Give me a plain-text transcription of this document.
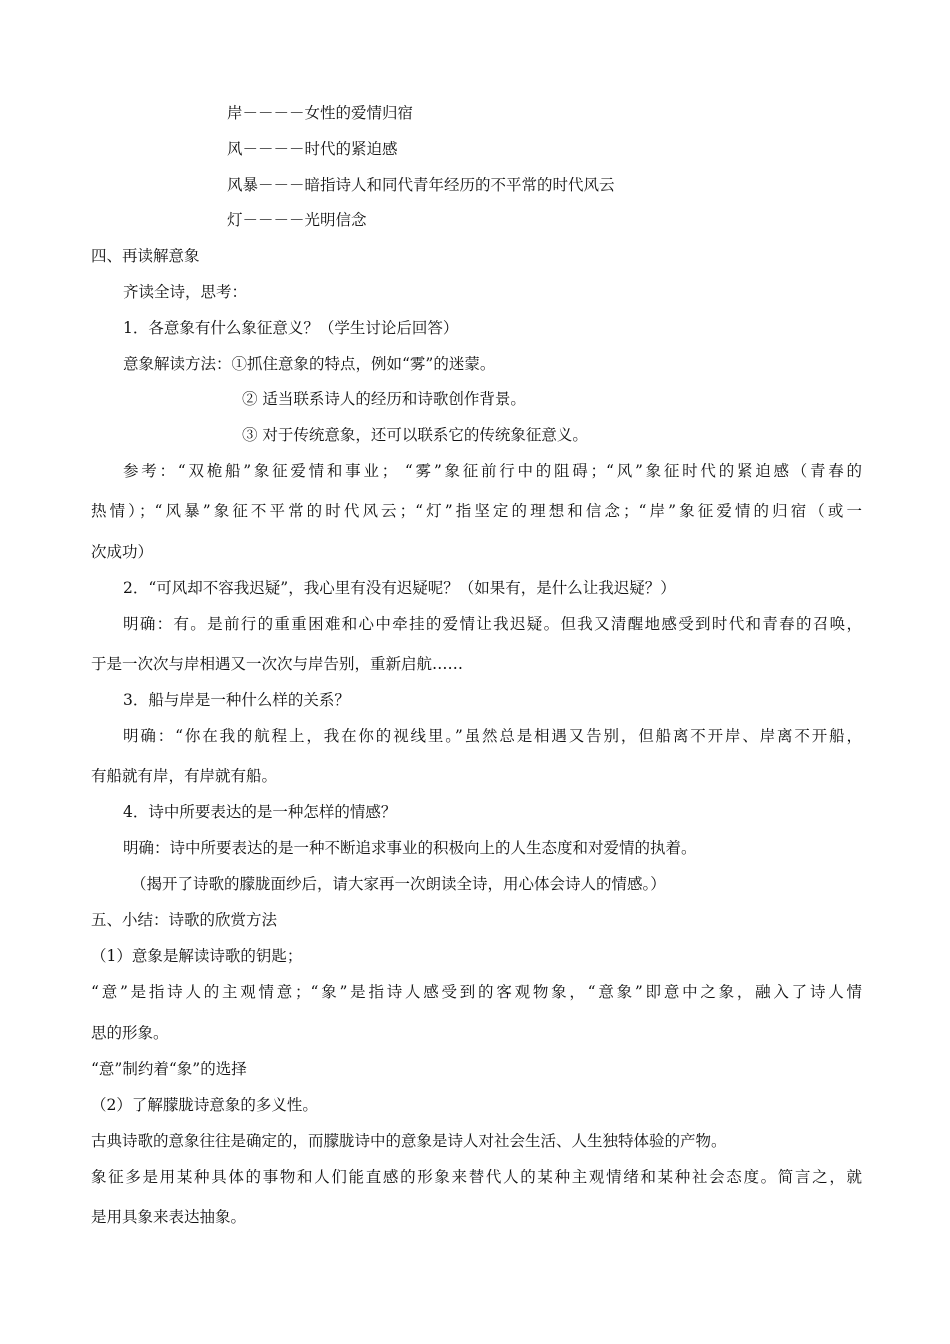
岸－－－－女性的爱情归宿
风－－－－时代的紧迫感
风暴－－－暗指诗人和同代青年经历的不平常的时代风云
灯－－－－光明信念
四、再读解意象
齐读全诗，思考：
1．各意象有什么象征意义？（学生讨论后回答）
意象解读方法：①抓住意象的特点，例如“雾”的迷蒙。
② 适当联系诗人的经历和诗歌创作背景。
③ 对于传统意象，还可以联系它的传统象征意义。
参考：“双桅船”象征爱情和事业； “雾”象征前行中的阻碍；“风”象征时代的紧迫感（青春的
热情）；“风暴”象征不平常的时代风云；“灯”指坚定的理想和信念；“岸”象征爱情的归宿（或一
次成功）
2．“可风却不容我迟疑”，我心里有没有迟疑呢？（如果有，是什么让我迟疑？）
明确：有。是前行的重重困难和心中牵挂的爱情让我迟疑。但我又清醒地感受到时代和青春的召唤，
于是一次次与岸相遇又一次次与岸告别，重新启航……
3．船与岸是一种什么样的关系？
明确：“你在我的航程上，我在你的视线里。”虽然总是相遇又告别，但船离不开岸、岸离不开船，
有船就有岸，有岸就有船。
4．诗中所要表达的是一种怎样的情感？
明确：诗中所要表达的是一种不断追求事业的积极向上的人生态度和对爱情的执着。
（揭开了诗歌的朦胧面纱后，请大家再一次朗读全诗，用心体会诗人的情感。）
五、小结：诗歌的欣赏方法
（1）意象是解读诗歌的钥匙；
“意”是指诗人的主观情意；“象”是指诗人感受到的客观物象，“意象”即意中之象，融入了诗人情
思的形象。
“意”制约着“象”的选择
（2）了解朦胧诗意象的多义性。
古典诗歌的意象往往是确定的，而朦胧诗中的意象是诗人对社会生活、人生独特体验的产物。
象征多是用某种具体的事物和人们能直感的形象来替代人的某种主观情绪和某种社会态度。简言之，就
是用具象来表达抽象。
